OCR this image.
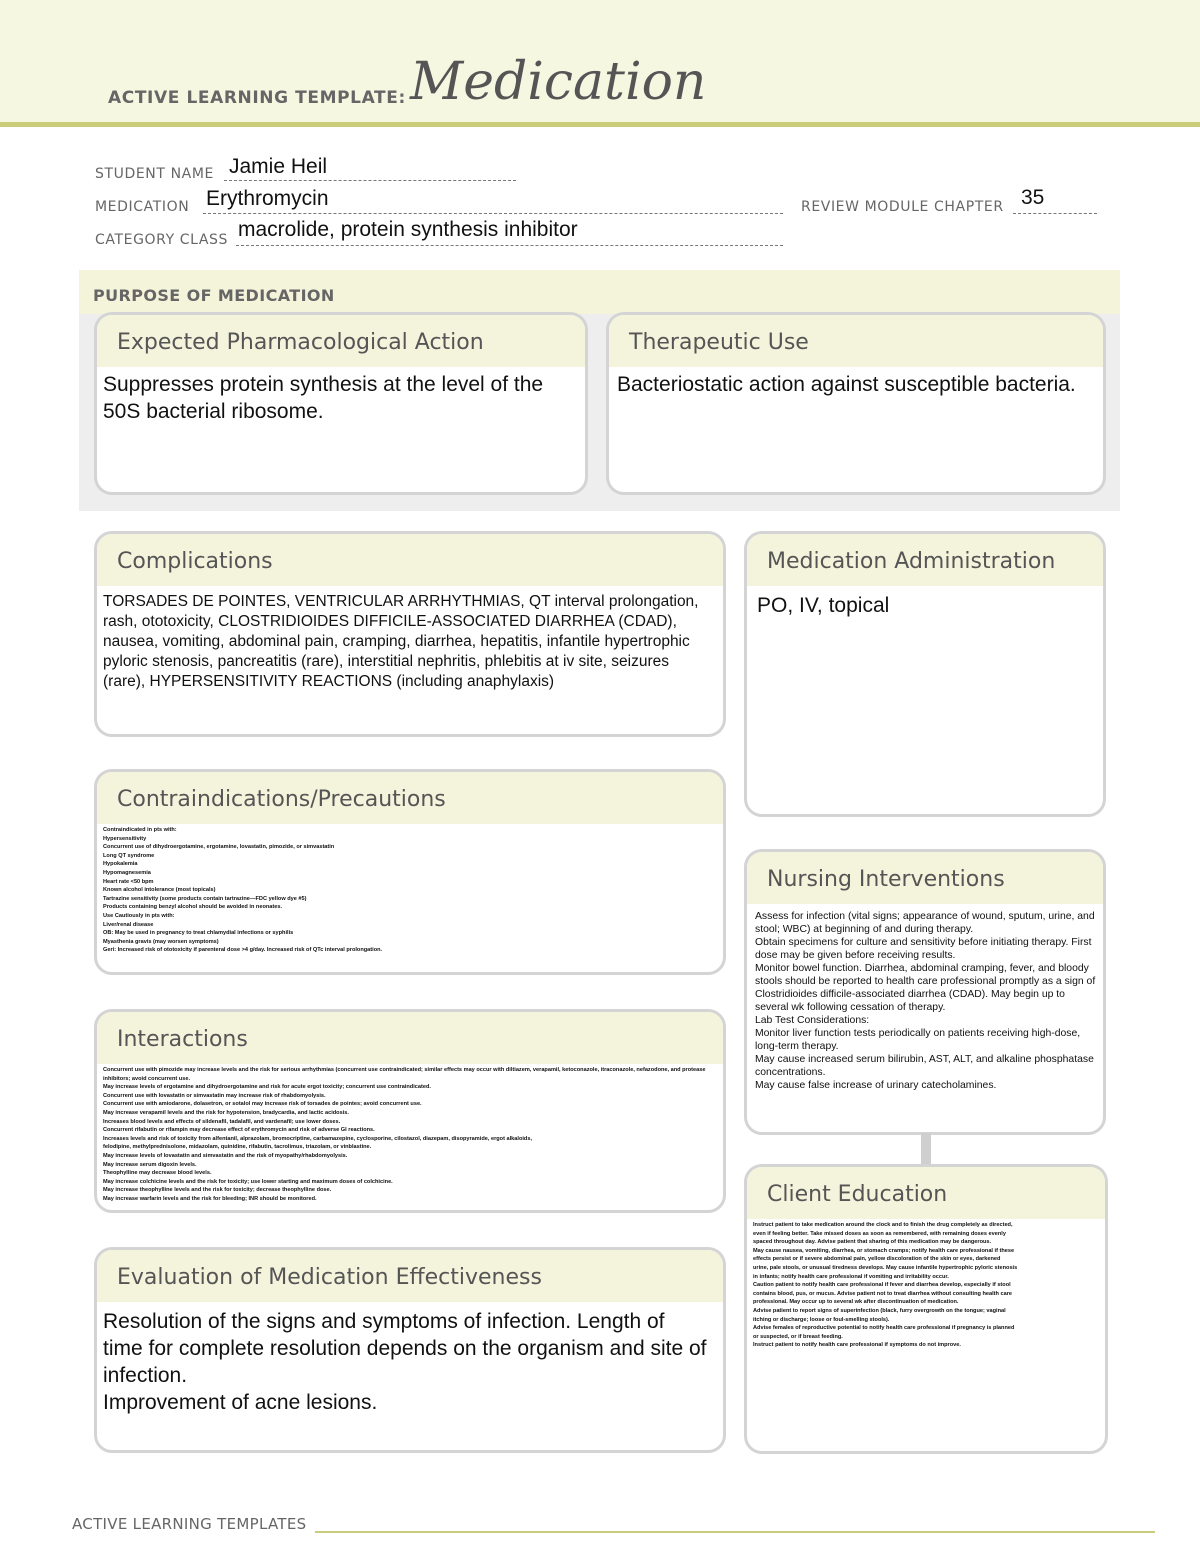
ACTIVE LEARNING TEMPLATE: Medication
STUDENT NAME Jamie Heil
MEDICATION Erythromycin	REVIEW MODULE CHAPTER 35
CATEGORY CLASS macrolide, protein synthesis inhibitor
PURPOSE OF MEDICATION
Expected Pharmacological Action
Suppresses protein synthesis at the level of the 50S bacterial ribosome.
Therapeutic Use
Bacteriostatic action against susceptible bacteria.
Complications
TORSADES DE POINTES, VENTRICULAR ARRHYTHMIAS, QT interval prolongation, rash, ototoxicity, CLOSTRIDIOIDES DIFFICILE-ASSOCIATED DIARRHEA (CDAD), nausea, vomiting, abdominal pain, cramping, diarrhea, hepatitis, infantile hypertrophic pyloric stenosis, pancreatitis (rare), interstitial nephritis, phlebitis at iv site, seizures (rare), HYPERSENSITIVITY REACTIONS (including anaphylaxis)
Medication Administration
PO, IV, topical
Contraindications/Precautions
Contraindicated in pts with:
Hypersensitivity
Concurrent use of dihydroergotamine, ergotamine, lovastatin, pimozide, or simvastatin
Long QT syndrome
Hypokalemia
Hypomagnesemia
Heart rate <50 bpm
Known alcohol intolerance (most topicals)
Tartrazine sensitivity (some products contain tartrazine—FDC yellow dye #5)
Products containing benzyl alcohol should be avoided in neonates.
Use Cautiously in pts with:
Liver/renal disease
OB: May be used in pregnancy to treat chlamydial infections or syphilis
Myasthenia gravis (may worsen symptoms)
Geri: Increased risk of ototoxicity if parenteral dose >4 g/day. Increased risk of QTc interval prolongation.
Nursing Interventions
Assess for infection (vital signs; appearance of wound, sputum, urine, and stool; WBC) at beginning of and during therapy.
Obtain specimens for culture and sensitivity before initiating therapy. First dose may be given before receiving results.
Monitor bowel function. Diarrhea, abdominal cramping, fever, and bloody stools should be reported to health care professional promptly as a sign of Clostridioides difficile-associated diarrhea (CDAD). May begin up to several wk following cessation of therapy.
Lab Test Considerations:
Monitor liver function tests periodically on patients receiving high-dose, long-term therapy.
May cause increased serum bilirubin, AST, ALT, and alkaline phosphatase concentrations.
May cause false increase of urinary catecholamines.
Interactions
Concurrent use with pimozide may increase levels and the risk for serious arrhythmias (concurrent use contraindicated; similar effects may occur with diltiazem, verapamil, ketoconazole, itraconazole, nefazodone, and protease inhibitors; avoid concurrent use.
May increase levels of ergotamine and dihydroergotamine and risk for acute ergot toxicity; concurrent use contraindicated.
Concurrent use with lovastatin or simvastatin may increase risk of rhabdomyolysis.
Concurrent use with amiodarone, dolasetron, or sotalol may increase risk of torsades de pointes; avoid concurrent use.
May increase verapamil levels and the risk for hypotension, bradycardia, and lactic acidosis.
Increases blood levels and effects of sildenafil, tadalafil, and vardenafil; use lower doses.
Concurrent rifabutin or rifampin may decrease effect of erythromycin and risk of adverse GI reactions.
Increases levels and risk of toxicity from alfentanil, alprazolam, bromocriptine, carbamazepine, cyclosporine, cilostazol, diazepam, disopyramide, ergot alkaloids,
felodipine, methylprednisolone, midazolam, quinidine, rifabutin, tacrolimus, triazolam, or vinblastine.
May increase levels of lovastatin and simvastatin and the risk of myopathy/rhabdomyolysis.
May increase serum digoxin levels.
Theophylline may decrease blood levels.
May increase colchicine levels and the risk for toxicity; use lower starting and maximum doses of colchicine.
May increase theophylline levels and the risk for toxicity; decrease theophylline dose.
May increase warfarin levels and the risk for bleeding; INR should be monitored.	Client Education
Instruct patient to take medication around the clock and to finish the drug completely as directed,
even if feeling better. Take missed doses as soon as remembered, with remaining doses evenly
spaced throughout day. Advise patient that sharing of this medication may be dangerous.
May cause nausea, vomiting, diarrhea, or stomach cramps; notify health care professional if these
effects persist or if severe abdominal pain, yellow discoloration of the skin or eyes, darkened
urine, pale stools, or unusual tiredness develops. May cause infantile hypertrophic pyloric stenosis
in infants; notify health care professional if vomiting and irritability occur.
Caution patient to notify health care professional if fever and diarrhea develop, especially if stool
contains blood, pus, or mucus. Advise patient not to treat diarrhea without consulting health care
professional. May occur up to several wk after discontinuation of medication.
Advise patient to report signs of superinfection (black, furry overgrowth on the tongue; vaginal
itching or discharge; loose or foul-smelling stools).
Advise females of reproductive potential to notify health care professional if pregnancy is planned
or suspected, or if breast feeding.
Instruct patient to notify health care professional if symptoms do not improve.
Evaluation of Medication Effectiveness
Resolution of the signs and symptoms of infection. Length of time for complete resolution depends on the organism and site of infection.
Improvement of acne lesions.
ACTIVE LEARNING TEMPLATES
